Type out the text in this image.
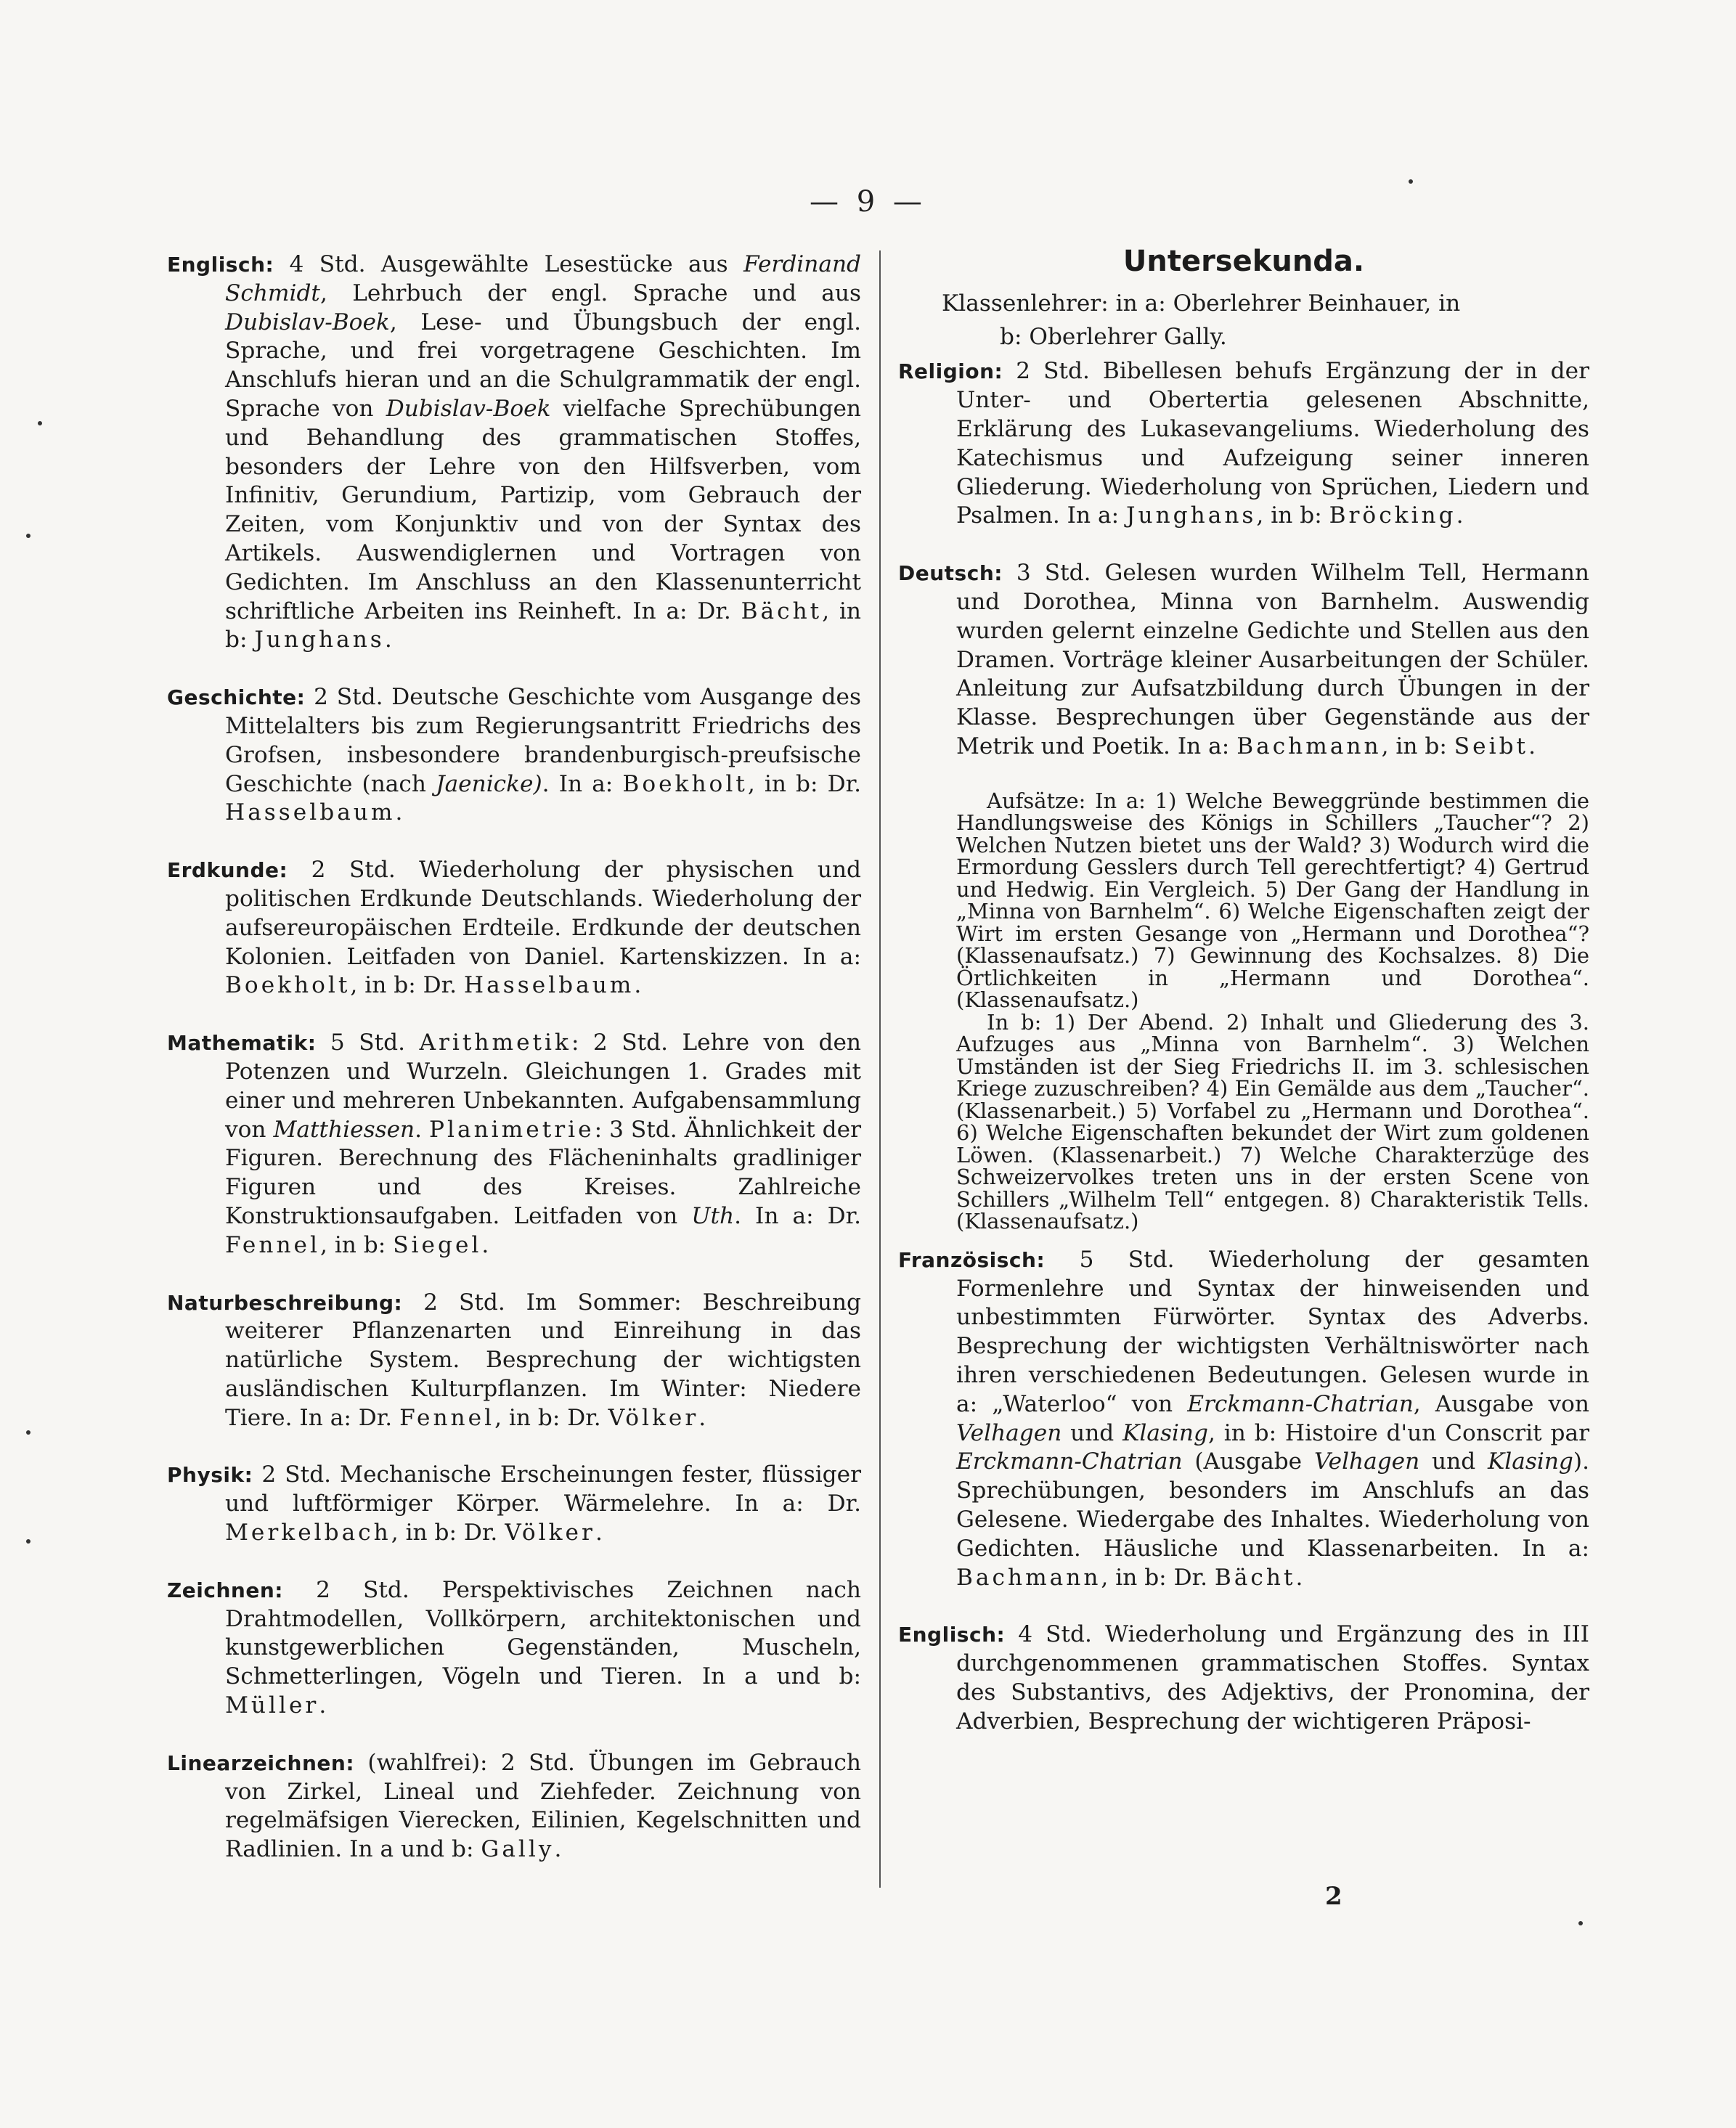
— 9 —

Englisch: 4 Std. Ausgewählte Lesestücke aus Ferdinand Schmidt, Lehrbuch der engl. Sprache und aus Dubislav-Boek, Lese- und Übungsbuch der engl. Sprache, und frei vorgetragene Geschichten. Im Anschlufs hieran und an die Schulgrammatik der engl. Sprache von Dubislav-Boek vielfache Sprechübungen und Behandlung des grammatischen Stoffes, besonders der Lehre von den Hilfsverben, vom Infinitiv, Gerundium, Partizip, vom Gebrauch der Zeiten, vom Konjunktiv und von der Syntax des Artikels. Auswendiglernen und Vortragen von Gedichten. Im Anschluss an den Klassenunterricht schriftliche Arbeiten ins Reinheft. In a: Dr. Bächt, in b: Junghans.

Geschichte: 2 Std. Deutsche Geschichte vom Ausgange des Mittelalters bis zum Regierungsantritt Friedrichs des Grofsen, insbesondere brandenburgisch-preufsische Geschichte (nach Jaenicke). In a: Boekholt, in b: Dr. Hasselbaum.

Erdkunde: 2 Std. Wiederholung der physischen und politischen Erdkunde Deutschlands. Wiederholung der aufsereuropäischen Erdteile. Erdkunde der deutschen Kolonien. Leitfaden von Daniel. Kartenskizzen. In a: Boekholt, in b: Dr. Hasselbaum.

Mathematik: 5 Std. Arithmetik: 2 Std. Lehre von den Potenzen und Wurzeln. Gleichungen 1. Grades mit einer und mehreren Unbekannten. Aufgabensammlung von Matthiessen. Planimetrie: 3 Std. Ähnlichkeit der Figuren. Berechnung des Flächeninhalts gradliniger Figuren und des Kreises. Zahlreiche Konstruktionsaufgaben. Leitfaden von Uth. In a: Dr. Fennel, in b: Siegel.

Naturbeschreibung: 2 Std. Im Sommer: Beschreibung weiterer Pflanzenarten und Einreihung in das natürliche System. Besprechung der wichtigsten ausländischen Kulturpflanzen. Im Winter: Niedere Tiere. In a: Dr. Fennel, in b: Dr. Völker.

Physik: 2 Std. Mechanische Erscheinungen fester, flüssiger und luftförmiger Körper. Wärmelehre. In a: Dr. Merkelbach, in b: Dr. Völker.

Zeichnen: 2 Std. Perspektivisches Zeichnen nach Drahtmodellen, Vollkörpern, architektonischen und kunstgewerblichen Gegenständen, Muscheln, Schmetterlingen, Vögeln und Tieren. In a und b: Müller.

Linearzeichnen: (wahlfrei): 2 Std. Übungen im Gebrauch von Zirkel, Lineal und Ziehfeder. Zeichnung von regelmäfsigen Vierecken, Eilinien, Kegelschnitten und Radlinien. In a und b: Gally.

Untersekunda.
Klassenlehrer: in a: Oberlehrer Beinhauer, in
b: Oberlehrer Gally.

Religion: 2 Std. Bibellesen behufs Ergänzung der in der Unter- und Obertertia gelesenen Abschnitte, Erklärung des Lukasevangeliums. Wiederholung des Katechismus und Aufzeigung seiner inneren Gliederung. Wiederholung von Sprüchen, Liedern und Psalmen. In a: Junghans, in b: Bröcking.

Deutsch: 3 Std. Gelesen wurden Wilhelm Tell, Hermann und Dorothea, Minna von Barnhelm. Auswendig wurden gelernt einzelne Gedichte und Stellen aus den Dramen. Vorträge kleiner Ausarbeitungen der Schüler. Anleitung zur Aufsatzbildung durch Übungen in der Klasse. Besprechungen über Gegenstände aus der Metrik und Poetik. In a: Bachmann, in b: Seibt.

Aufsätze: In a: 1) Welche Beweggründe bestimmen die Handlungsweise des Königs in Schillers „Taucher“? 2) Welchen Nutzen bietet uns der Wald? 3) Wodurch wird die Ermordung Gesslers durch Tell gerechtfertigt? 4) Gertrud und Hedwig. Ein Vergleich. 5) Der Gang der Handlung in „Minna von Barnhelm“. 6) Welche Eigenschaften zeigt der Wirt im ersten Gesange von „Hermann und Dorothea“? (Klassenaufsatz.) 7) Gewinnung des Kochsalzes. 8) Die Örtlichkeiten in „Hermann und Dorothea“. (Klassenaufsatz.)

In b: 1) Der Abend. 2) Inhalt und Gliederung des 3. Aufzuges aus „Minna von Barnhelm“. 3) Welchen Umständen ist der Sieg Friedrichs II. im 3. schlesischen Kriege zuzuschreiben? 4) Ein Gemälde aus dem „Taucher“. (Klassenarbeit.) 5) Vorfabel zu „Hermann und Dorothea“. 6) Welche Eigenschaften bekundet der Wirt zum goldenen Löwen. (Klassenarbeit.) 7) Welche Charakterzüge des Schweizervolkes treten uns in der ersten Scene von Schillers „Wilhelm Tell“ entgegen. 8) Charakteristik Tells. (Klassenaufsatz.)

Französisch: 5 Std. Wiederholung der gesamten Formenlehre und Syntax der hinweisenden und unbestimmten Fürwörter. Syntax des Adverbs. Besprechung der wichtigsten Verhältniswörter nach ihren verschiedenen Bedeutungen. Gelesen wurde in a: „Waterloo“ von Erckmann-Chatrian, Ausgabe von Velhagen und Klasing, in b: Histoire d'un Conscrit par Erckmann-Chatrian (Ausgabe Velhagen und Klasing). Sprechübungen, besonders im Anschlufs an das Gelesene. Wiedergabe des Inhaltes. Wiederholung von Gedichten. Häusliche und Klassenarbeiten. In a: Bachmann, in b: Dr. Bächt.

Englisch: 4 Std. Wiederholung und Ergänzung des in III durchgenommenen grammatischen Stoffes. Syntax des Substantivs, des Adjektivs, der Pronomina, der Adverbien, Besprechung der wichtigeren Präposi-

2
